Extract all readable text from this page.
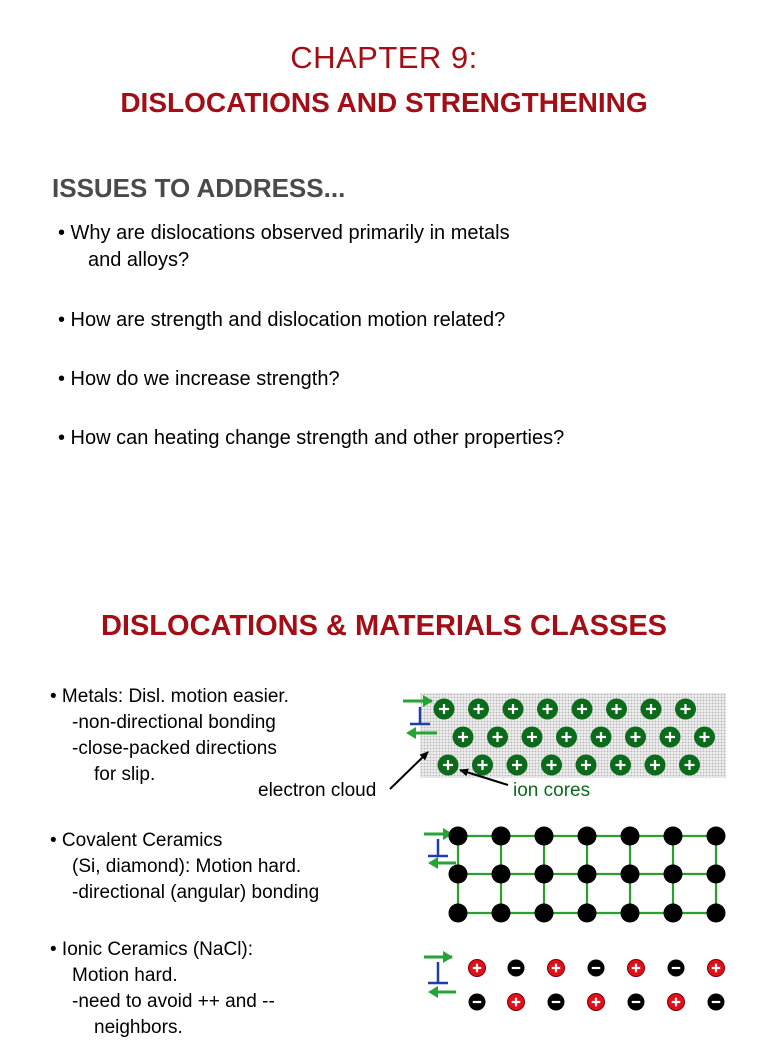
CHAPTER 9:
DISLOCATIONS AND STRENGTHENING
ISSUES TO ADDRESS...
• Why are dislocations observed primarily in metals
and alloys?
• How are strength and dislocation motion related?
• How do we increase strength?
• How can heating change strength and other properties?
DISLOCATIONS & MATERIALS CLASSES
• Metals: Disl. motion easier.
-non-directional bonding
-close-packed directions
for slip.
• Covalent Ceramics
(Si, diamond): Motion hard.
-directional (angular) bonding
• Ionic Ceramics (NaCl):
Motion hard.
-need to avoid ++ and --
neighbors.
electron cloud	ion cores
